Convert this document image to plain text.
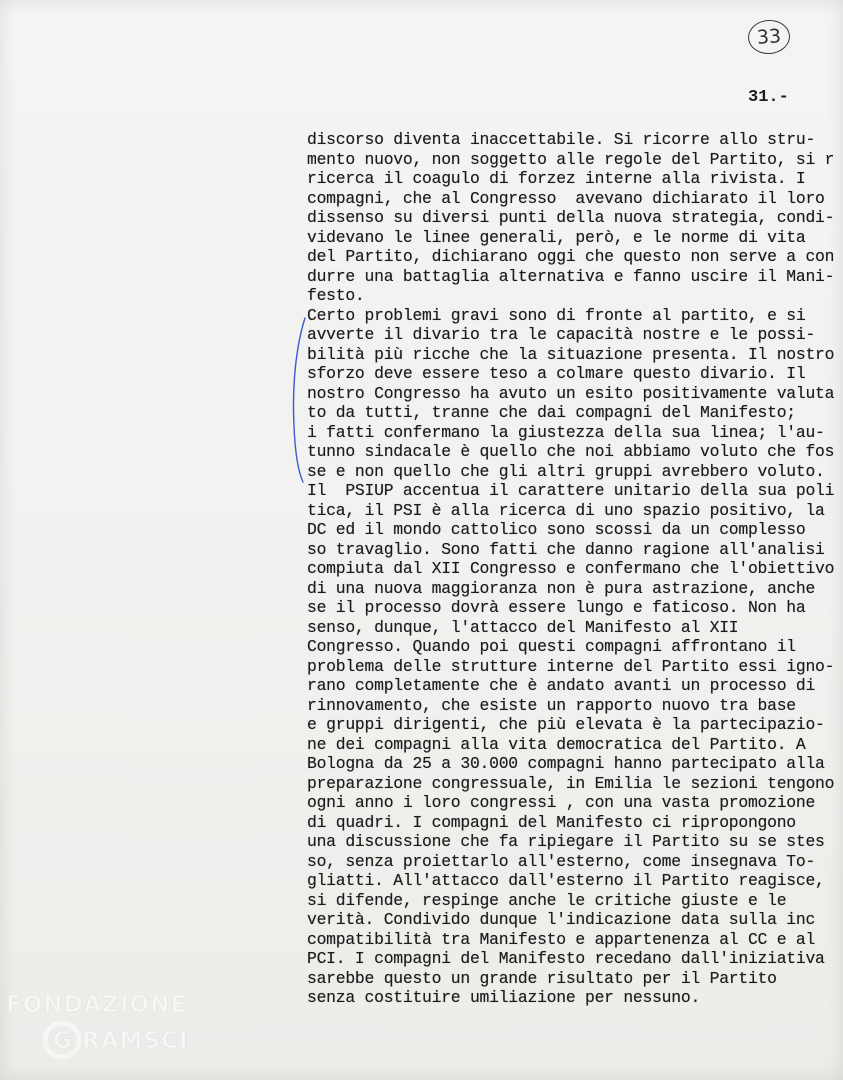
33
31.-
discorso diventa inaccettabile. Si ricorre allo stru-
mento nuovo, non soggetto alle regole del Partito, si r
ricerca il coagulo di forzez interne alla rivista. I
compagni, che al Congresso  avevano dichiarato il loro
dissenso su diversi punti della nuova strategia, condi-
videvano le linee generali, però, e le norme di vita
del Partito, dichiarano oggi che questo non serve a con
durre una battaglia alternativa e fanno uscire il Mani-
festo.
Certo problemi gravi sono di fronte al partito, e si
avverte il divario tra le capacità nostre e le possi-
bilità più ricche che la situazione presenta. Il nostro
sforzo deve essere teso a colmare questo divario. Il
nostro Congresso ha avuto un esito positivamente valuta
to da tutti, tranne che dai compagni del Manifesto;
i fatti confermano la giustezza della sua linea; l'au-
tunno sindacale è quello che noi abbiamo voluto che fos
se e non quello che gli altri gruppi avrebbero voluto.
Il  PSIUP accentua il carattere unitario della sua poli
tica, il PSI è alla ricerca di uno spazio positivo, la
DC ed il mondo cattolico sono scossi da un complesso
so travaglio. Sono fatti che danno ragione all'analisi
compiuta dal XII Congresso e confermano che l'obiettivo
di una nuova maggioranza non è pura astrazione, anche
se il processo dovrà essere lungo e faticoso. Non ha
senso, dunque, l'attacco del Manifesto al XII
Congresso. Quando poi questi compagni affrontano il
problema delle strutture interne del Partito essi igno-
rano completamente che è andato avanti un processo di
rinnovamento, che esiste un rapporto nuovo tra base
e gruppi dirigenti, che più elevata è la partecipazio-
ne dei compagni alla vita democratica del Partito. A
Bologna da 25 a 30.000 compagni hanno partecipato alla
preparazione congressuale, in Emilia le sezioni tengono
ogni anno i loro congressi , con una vasta promozione
di quadri. I compagni del Manifesto ci ripropongono
una discussione che fa ripiegare il Partito su se stes
so, senza proiettarlo all'esterno, come insegnava To-
gliatti. All'attacco dall'esterno il Partito reagisce,
si difende, respinge anche le critiche giuste e le
verità. Condivido dunque l'indicazione data sulla inc
compatibilità tra Manifesto e appartenenza al CC e al
PCI. I compagni del Manifesto recedano dall'iniziativa
sarebbe questo un grande risultato per il Partito
senza costituire umiliazione per nessuno.
FONDAZIONE
G RAMSCI
